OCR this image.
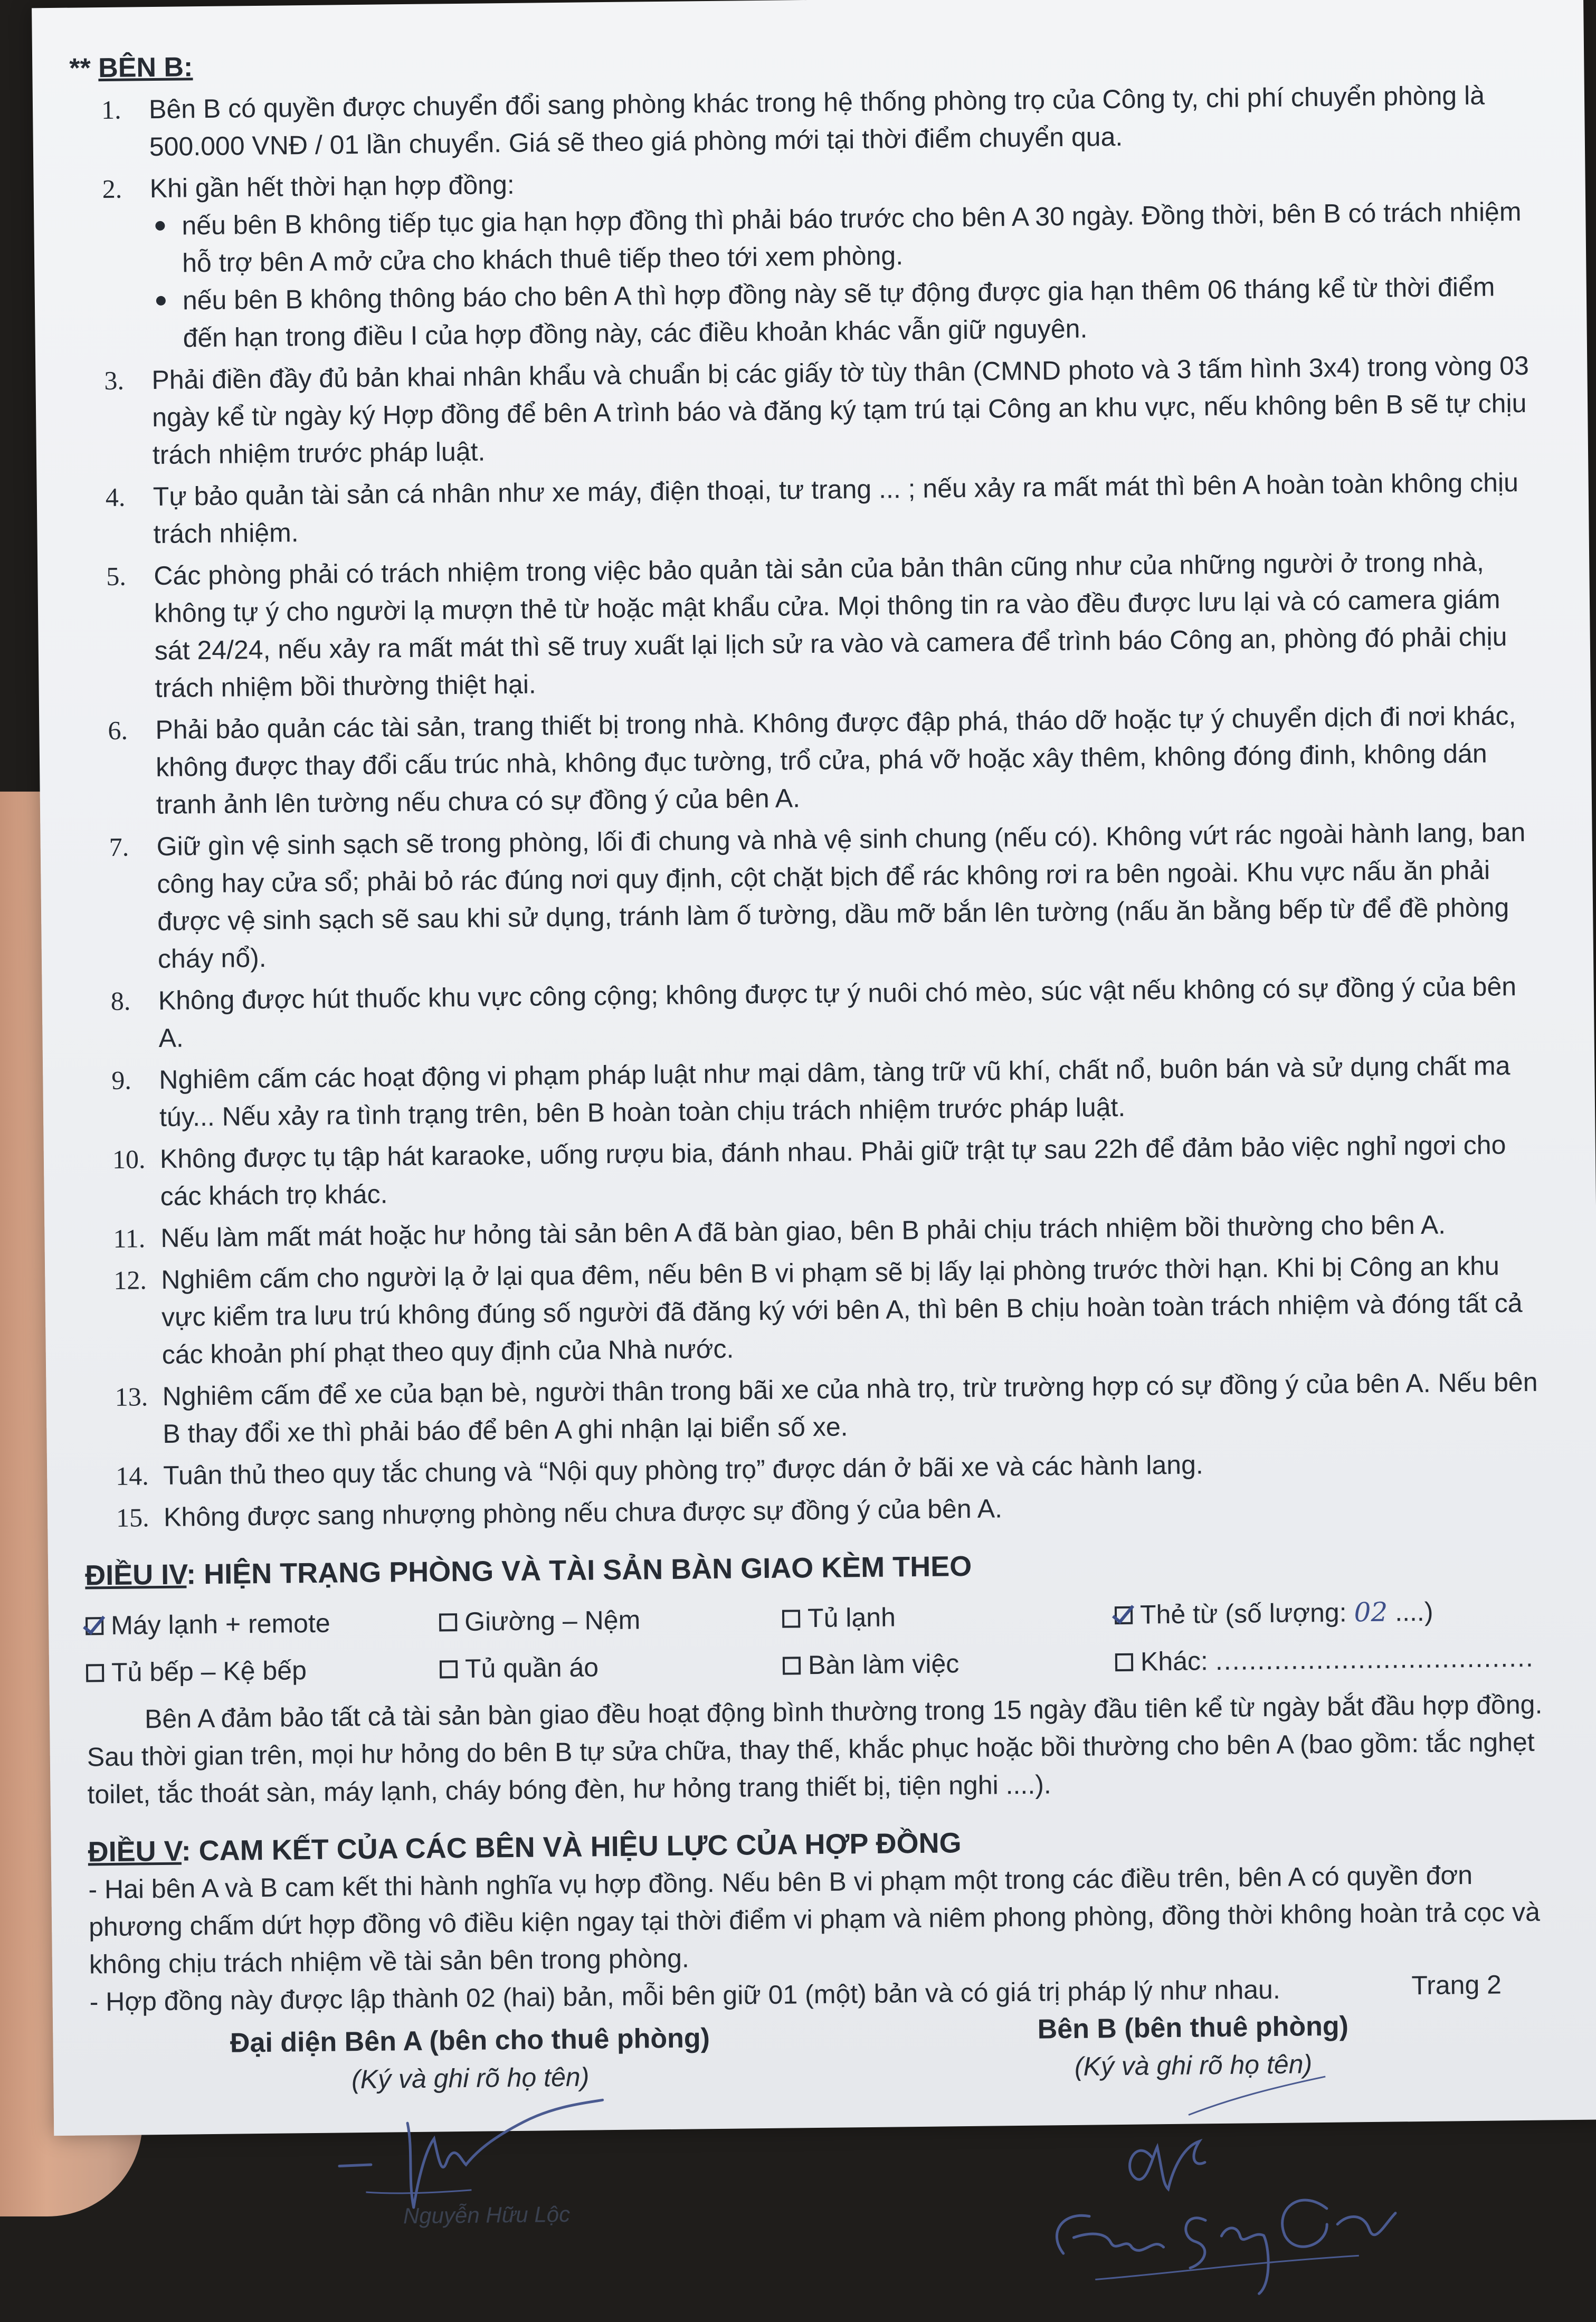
** BÊN B:
1. Bên B có quyền được chuyển đổi sang phòng khác trong hệ thống phòng trọ của Công ty, chi phí chuyển phòng là 500.000 VNĐ / 01 lần chuyển. Giá sẽ theo giá phòng mới tại thời điểm chuyển qua.
2. Khi gần hết thời hạn hợp đồng:
nếu bên B không tiếp tục gia hạn hợp đồng thì phải báo trước cho bên A 30 ngày. Đồng thời, bên B có trách nhiệm hỗ trợ bên A mở cửa cho khách thuê tiếp theo tới xem phòng.
nếu bên B không thông báo cho bên A thì hợp đồng này sẽ tự động được gia hạn thêm 06 tháng kể từ thời điểm đến hạn trong điều I của hợp đồng này, các điều khoản khác vẫn giữ nguyên.
3. Phải điền đầy đủ bản khai nhân khẩu và chuẩn bị các giấy tờ tùy thân (CMND photo và 3 tấm hình 3x4) trong vòng 03 ngày kể từ ngày ký Hợp đồng để bên A trình báo và đăng ký tạm trú tại Công an khu vực, nếu không bên B sẽ tự chịu trách nhiệm trước pháp luật.
4. Tự bảo quản tài sản cá nhân như xe máy, điện thoại, tư trang ... ; nếu xảy ra mất mát thì bên A hoàn toàn không chịu trách nhiệm.
5. Các phòng phải có trách nhiệm trong việc bảo quản tài sản của bản thân cũng như của những người ở trong nhà, không tự ý cho người lạ mượn thẻ từ hoặc mật khẩu cửa. Mọi thông tin ra vào đều được lưu lại và có camera giám sát 24/24, nếu xảy ra mất mát thì sẽ truy xuất lại lịch sử ra vào và camera để trình báo Công an, phòng đó phải chịu trách nhiệm bồi thường thiệt hại.
6. Phải bảo quản các tài sản, trang thiết bị trong nhà. Không được đập phá, tháo dỡ hoặc tự ý chuyển dịch đi nơi khác, không được thay đổi cấu trúc nhà, không đục tường, trổ cửa, phá vỡ hoặc xây thêm, không đóng đinh, không dán tranh ảnh lên tường nếu chưa có sự đồng ý của bên A.
7. Giữ gìn vệ sinh sạch sẽ trong phòng, lối đi chung và nhà vệ sinh chung (nếu có). Không vứt rác ngoài hành lang, ban công hay cửa sổ; phải bỏ rác đúng nơi quy định, cột chặt bịch để rác không rơi ra bên ngoài. Khu vực nấu ăn phải được vệ sinh sạch sẽ sau khi sử dụng, tránh làm ố tường, dầu mỡ bắn lên tường (nấu ăn bằng bếp từ để đề phòng cháy nổ).
8. Không được hút thuốc khu vực công cộng; không được tự ý nuôi chó mèo, súc vật nếu không có sự đồng ý của bên A.
9. Nghiêm cấm các hoạt động vi phạm pháp luật như mại dâm, tàng trữ vũ khí, chất nổ, buôn bán và sử dụng chất ma túy... Nếu xảy ra tình trạng trên, bên B hoàn toàn chịu trách nhiệm trước pháp luật.
10. Không được tụ tập hát karaoke, uống rượu bia, đánh nhau. Phải giữ trật tự sau 22h để đảm bảo việc nghỉ ngơi cho các khách trọ khác.
11. Nếu làm mất mát hoặc hư hỏng tài sản bên A đã bàn giao, bên B phải chịu trách nhiệm bồi thường cho bên A.
12. Nghiêm cấm cho người lạ ở lại qua đêm, nếu bên B vi phạm sẽ bị lấy lại phòng trước thời hạn. Khi bị Công an khu vực kiểm tra lưu trú không đúng số người đã đăng ký với bên A, thì bên B chịu hoàn toàn trách nhiệm và đóng tất cả các khoản phí phạt theo quy định của Nhà nước.
13. Nghiêm cấm để xe của bạn bè, người thân trong bãi xe của nhà trọ, trừ trường hợp có sự đồng ý của bên A. Nếu bên B thay đổi xe thì phải báo để bên A ghi nhận lại biển số xe.
14. Tuân thủ theo quy tắc chung và “Nội quy phòng trọ” được dán ở bãi xe và các hành lang.
15. Không được sang nhượng phòng nếu chưa được sự đồng ý của bên A.
ĐIỀU IV: HIỆN TRẠNG PHÒNG VÀ TÀI SẢN BÀN GIAO KÈM THEO
Máy lạnh + remote	Giường – Nệm	Tủ lạnh	Thẻ từ (số lượng: 02 ....)
Tủ bếp – Kệ bếp	Tủ quần áo	Bàn làm việc	Khác: ......................................

Bên A đảm bảo tất cả tài sản bàn giao đều hoạt động bình thường trong 15 ngày đầu tiên kể từ ngày bắt đầu hợp đồng. Sau thời gian trên, mọi hư hỏng do bên B tự sửa chữa, thay thế, khắc phục hoặc bồi thường cho bên A (bao gồm: tắc nghẹt toilet, tắc thoát sàn, máy lạnh, cháy bóng đèn, hư hỏng trang thiết bị, tiện nghi ....).

ĐIỀU V: CAM KẾT CỦA CÁC BÊN VÀ HIỆU LỰC CỦA HỢP ĐỒNG

- Hai bên A và B cam kết thi hành nghĩa vụ hợp đồng. Nếu bên B vi phạm một trong các điều trên, bên A có quyền đơn phương chấm dứt hợp đồng vô điều kiện ngay tại thời điểm vi phạm và niêm phong phòng, đồng thời không hoàn trả cọc và không chịu trách nhiệm về tài sản bên trong phòng.

- Hợp đồng này được lập thành 02 (hai) bản, mỗi bên giữ 01 (một) bản và có giá trị pháp lý như nhau.

Đại diện Bên A (bên cho thuê phòng)
(Ký và ghi rõ họ tên)
Nguyễn Hữu Lộc
Bên B (bên thuê phòng)
(Ký và ghi rõ họ tên)
Trang 2
